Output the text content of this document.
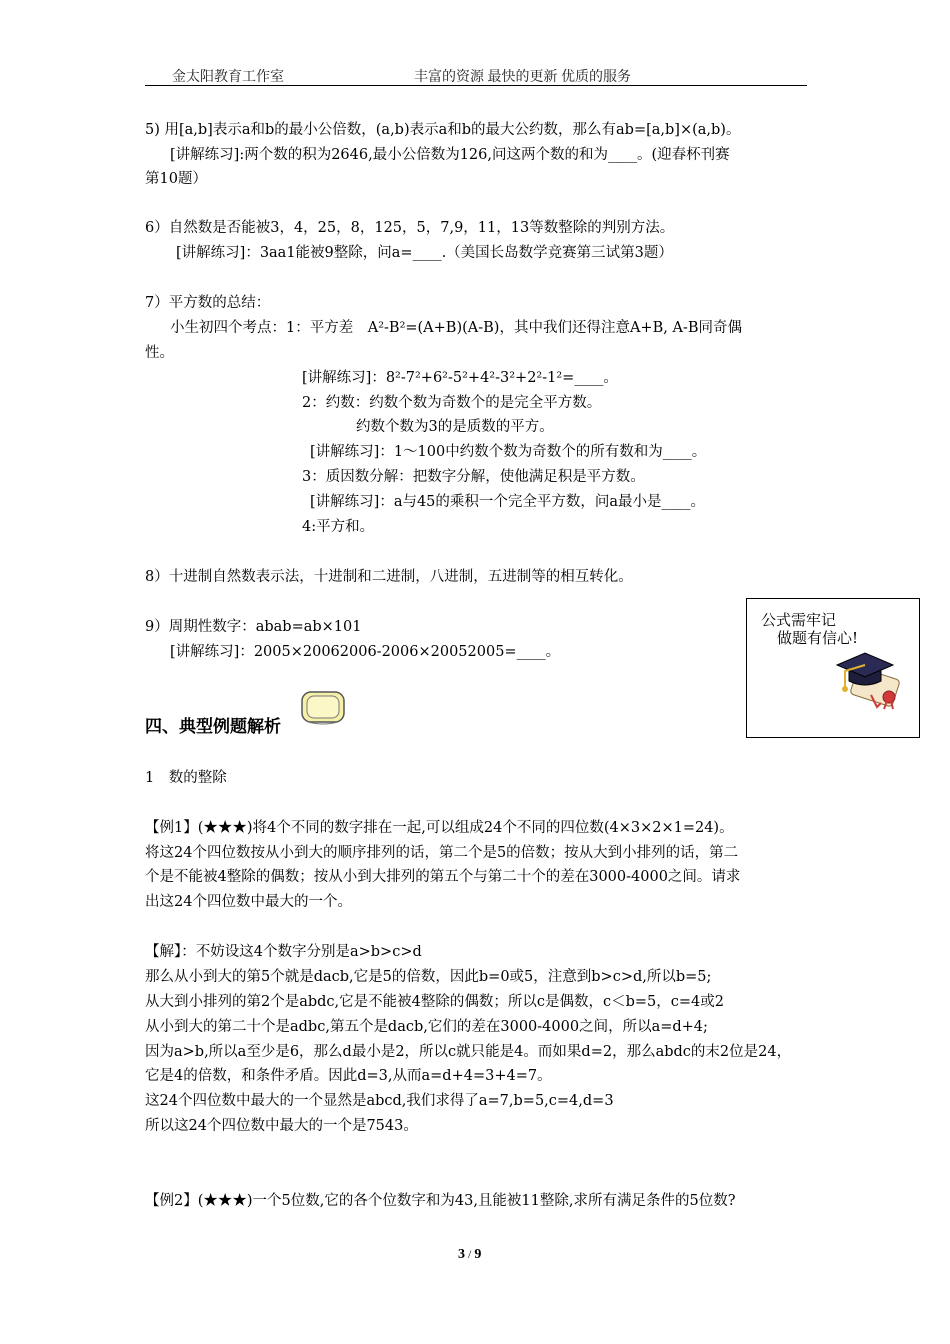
金太阳教育工作室	丰富的资源 最快的更新 优质的服务
5) 用[a,b]表示a和b的最小公倍数，(a,b)表示a和b的最大公约数，那么有ab=[a,b]×(a,b)。
[讲解练习]:两个数的积为2646,最小公倍数为126,问这两个数的和为____。(迎春杯刊赛
第10题）
6）自然数是否能被3，4，25，8，125，5，7,9，11，13等数整除的判别方法。
[讲解练习]：3aa1能被9整除，问a=____.（美国长岛数学竞赛第三试第3题）
7）平方数的总结：
小生初四个考点：1：平方差　A²-B²=(A+B)(A-B)，其中我们还得注意A+B, A-B同奇偶
性。
[讲解练习]：8²-7²+6²-5²+4²-3²+2²-1²=____。
2：约数：约数个数为奇数个的是完全平方数。
约数个数为3的是质数的平方。
[讲解练习]：1～100中约数个数为奇数个的所有数和为____。
3：质因数分解：把数字分解，使他满足积是平方数。
[讲解练习]：a与45的乘积一个完全平方数，问a最小是____。
4:平方和。
8）十进制自然数表示法，十进制和二进制，八进制，五进制等的相互转化。
9）周期性数字：abab=ab×101
[讲解练习]：2005×20062006-2006×20052005=____。
公式需牢记
做题有信心!
四、典型例题解析
1　数的整除
【例1】(★★★)将4个不同的数字排在一起,可以组成24个不同的四位数(4×3×2×1=24)。
将这24个四位数按从小到大的顺序排列的话，第二个是5的倍数；按从大到小排列的话，第二
个是不能被4整除的偶数；按从小到大排列的第五个与第二十个的差在3000-4000之间。请求
出这24个四位数中最大的一个。
【解】：不妨设这4个数字分别是a>b>c>d
那么从小到大的第5个就是dacb,它是5的倍数，因此b=0或5，注意到b>c>d,所以b=5;
从大到小排列的第2个是abdc,它是不能被4整除的偶数；所以c是偶数，c＜b=5，c=4或2
从小到大的第二十个是adbc,第五个是dacb,它们的差在3000-4000之间，所以a=d+4;
因为a>b,所以a至少是6，那么d最小是2，所以c就只能是4。而如果d=2，那么abdc的末2位是24，
它是4的倍数，和条件矛盾。因此d=3,从而a=d+4=3+4=7。
这24个四位数中最大的一个显然是abcd,我们求得了a=7,b=5,c=4,d=3
所以这24个四位数中最大的一个是7543。
【例2】(★★★)一个5位数,它的各个位数字和为43,且能被11整除,求所有满足条件的5位数?
3 / 9
